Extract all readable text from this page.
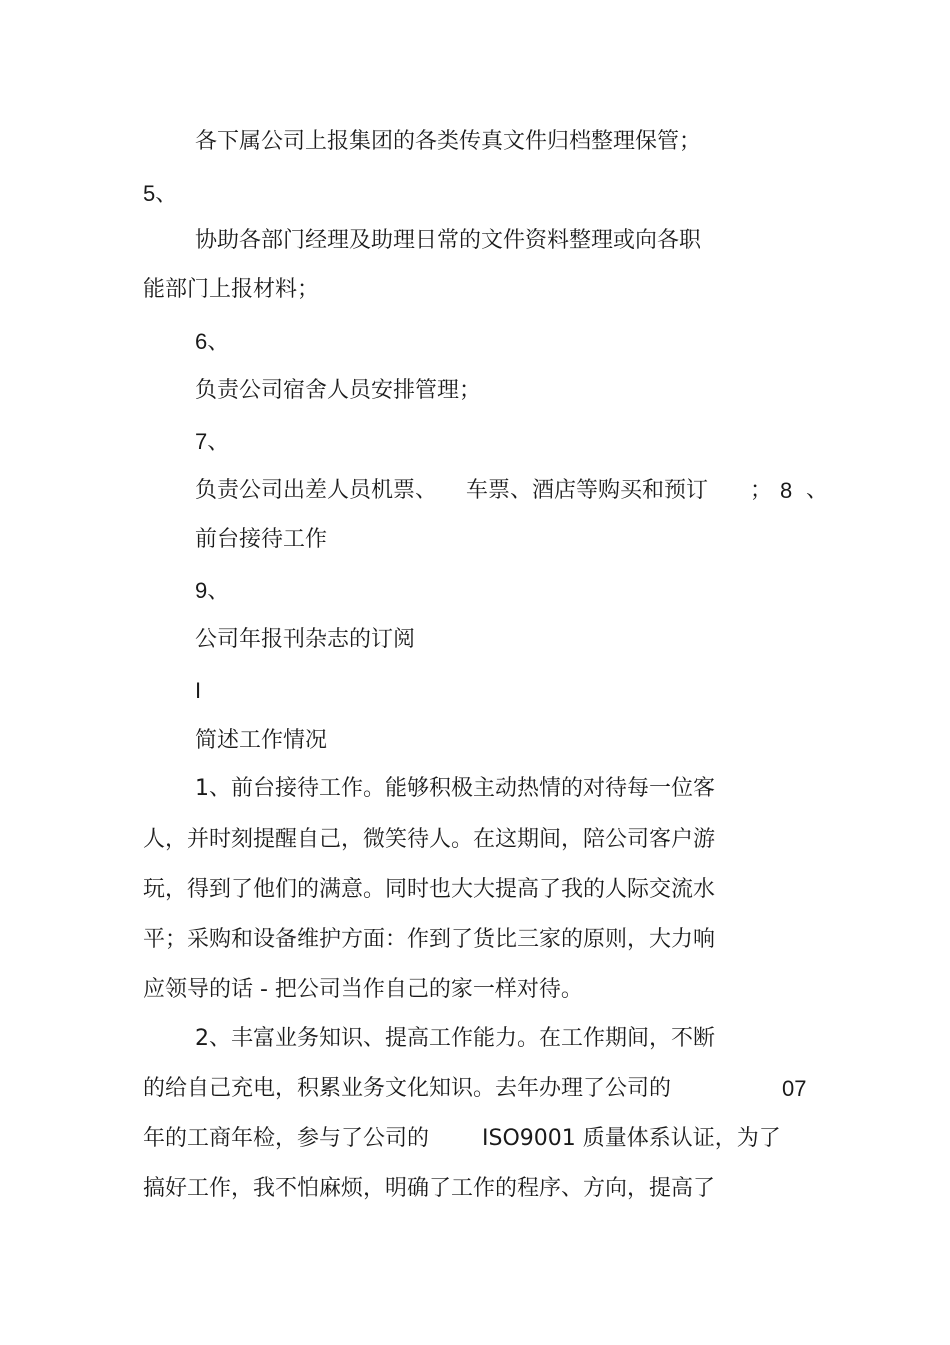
各下属公司上报集团的各类传真文件归档整理保管；
5、
协助各部门经理及助理日常的文件资料整理或向各职
能部门上报材料；
6、
负责公司宿舍人员安排管理；
7、
负责公司出差人员机票、 车票、酒店等购买和预订 ； 8 、
前台接待工作
9、
公司年报刊杂志的订阅
I
简述工作情况
1、前台接待工作。能够积极主动热情的对待每一位客
人，并时刻提醒自己，微笑待人。在这期间，陪公司客户游
玩，得到了他们的满意。同时也大大提高了我的人际交流水
平；采购和设备维护方面：作到了货比三家的原则，大力响
应领导的话 - 把公司当作自己的家一样对待。
2、丰富业务知识、提高工作能力。在工作期间，不断
的给自己充电，积累业务文化知识。去年办理了公司的	07
年的工商年检，参与了公司的 ISO9001 质量体系认证，为了
搞好工作，我不怕麻烦，明确了工作的程序、方向，提高了
